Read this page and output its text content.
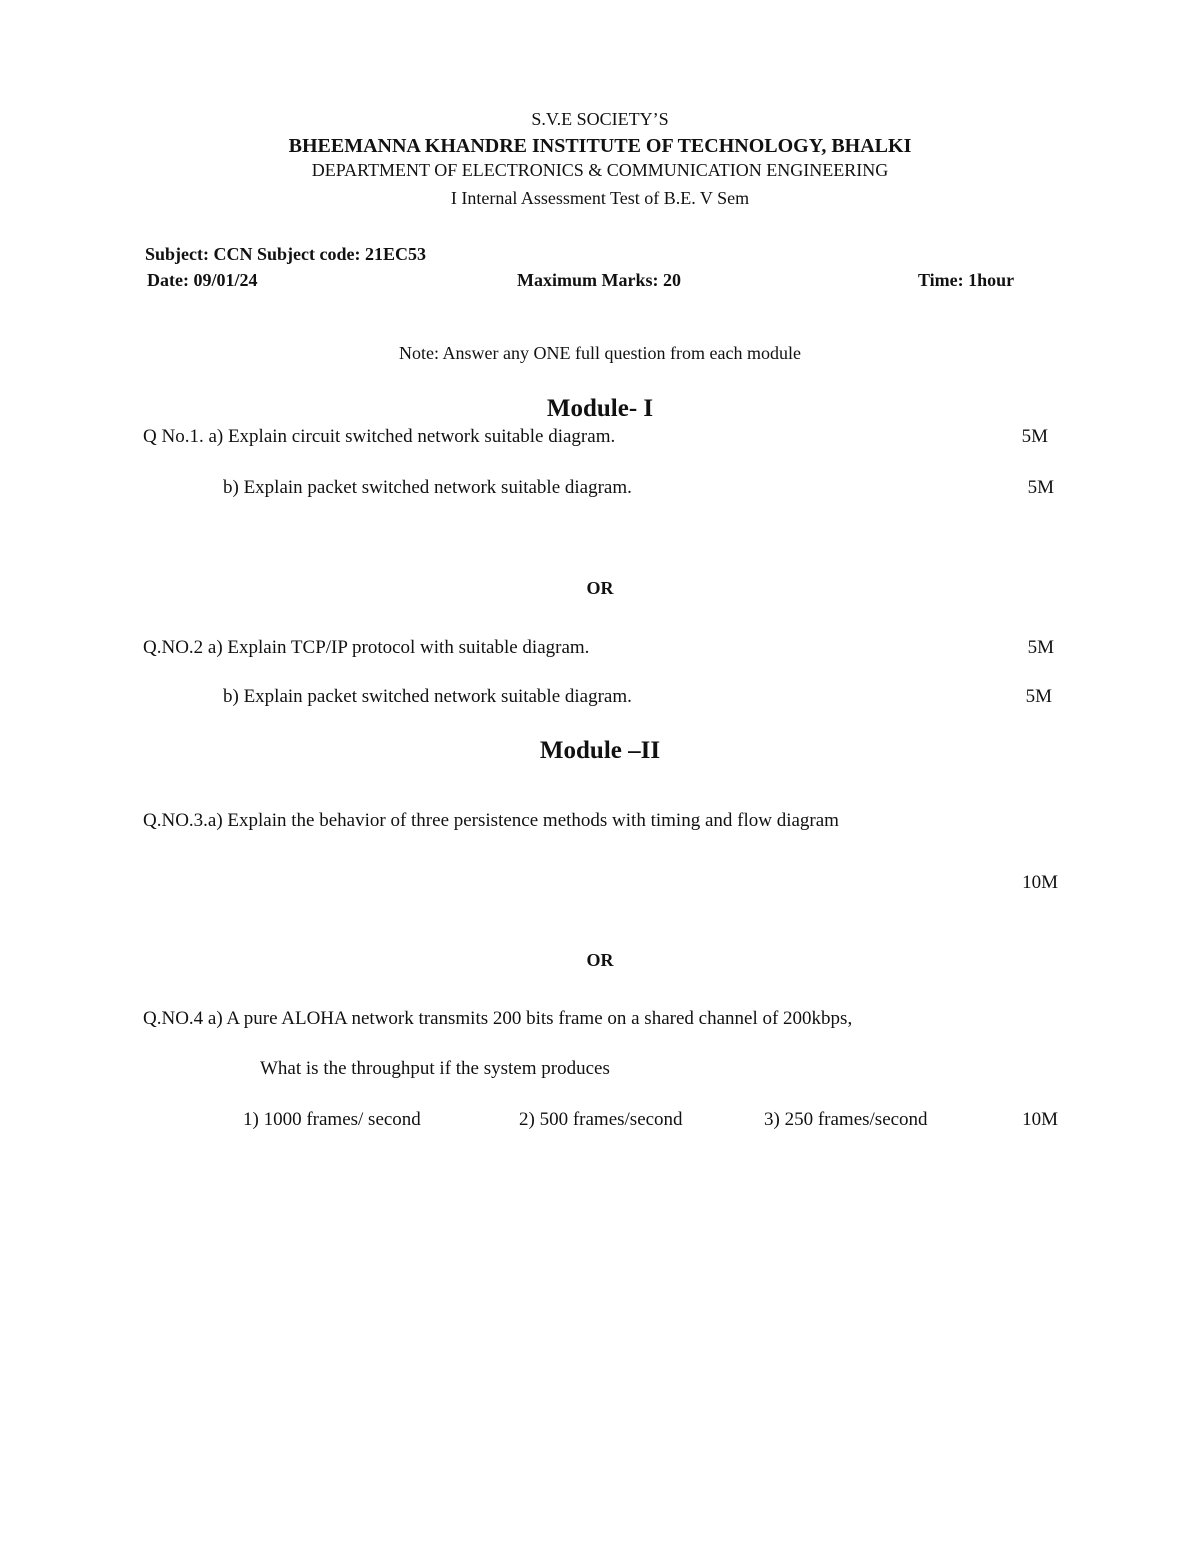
S.V.E SOCIETY’S
BHEEMANNA KHANDRE INSTITUTE OF TECHNOLOGY, BHALKI
DEPARTMENT OF ELECTRONICS & COMMUNICATION ENGINEERING
I Internal Assessment Test of B.E. V Sem
Subject: CCN Subject code: 21EC53
Date: 09/01/24	Maximum Marks: 20	Time: 1hour
Note: Answer any ONE full question from each module
Module- I
Q No.1. a) Explain circuit switched network suitable diagram.	5M
b) Explain packet switched network suitable diagram.	5M
OR
Q.NO.2 a) Explain TCP/IP protocol with suitable diagram.	5M
b) Explain packet switched network suitable diagram.	5M
Module –II
Q.NO.3.a) Explain the behavior of three persistence methods with timing and flow diagram
10M
OR
Q.NO.4 a) A pure ALOHA network transmits 200 bits frame on a shared channel of 200kbps,
What is the throughput if the system produces
1) 1000 frames/ second	2) 500 frames/second	3) 250 frames/second	10M
